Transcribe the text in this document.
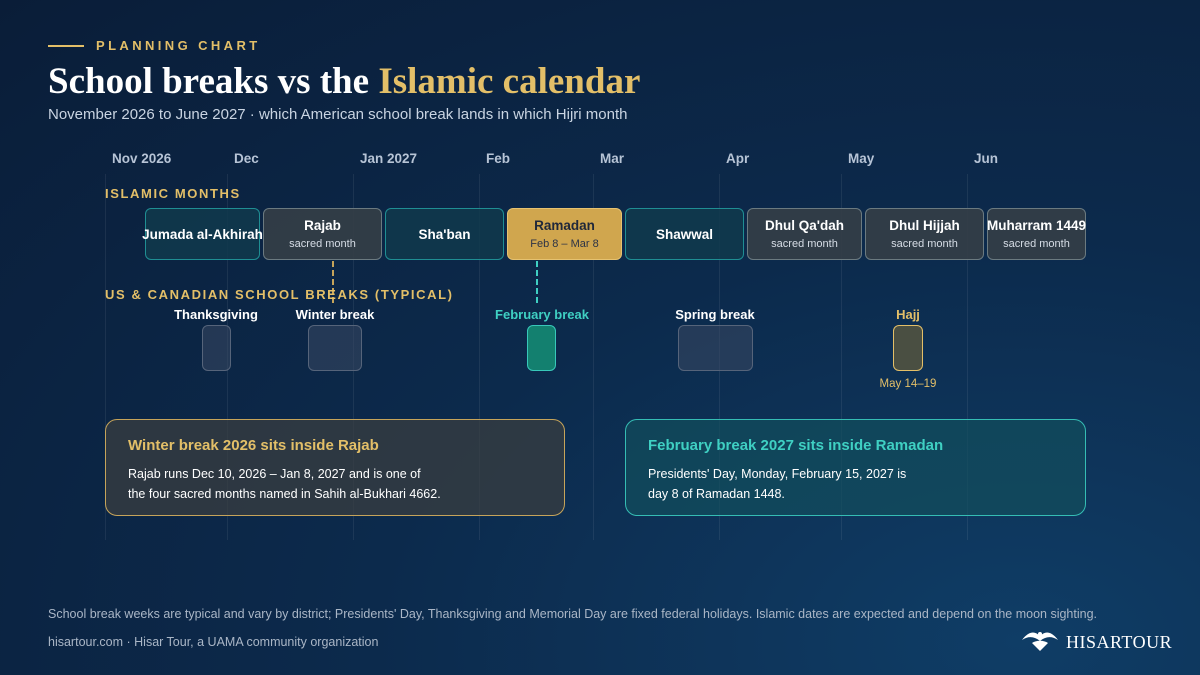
PLANNING CHART
School breaks vs the Islamic calendar
November 2026 to June 2027 · which American school break lands in which Hijri month
Nov 2026	Dec	Jan 2027	Feb	Mar	Apr	May	Jun
ISLAMIC MONTHS
Jumada al-Akhirah
Rajab
sacred month
Sha'ban
Ramadan
Feb 8 – Mar 8
Shawwal
Dhul Qa'dah
sacred month
Dhul Hijjah
sacred month
Muharram 1449
sacred month
US & CANADIAN SCHOOL BREAKS (TYPICAL)
Thanksgiving	Winter break	February break	Spring break	Hajj
May 14–19
Winter break 2026 sits inside Rajab

Rajab runs Dec 10, 2026 – Jan 8, 2027 and is one of

the four sacred months named in Sahih al-Bukhari 4662.

February break 2027 sits inside Ramadan

Presidents' Day, Monday, February 15, 2027 is

day 8 of Ramadan 1448.

School break weeks are typical and vary by district; Presidents' Day, Thanksgiving and Memorial Day are fixed federal holidays. Islamic dates are expected and depend on the moon sighting.
hisartour.com · Hisar Tour, a UAMA community organization	HISARTOUR
